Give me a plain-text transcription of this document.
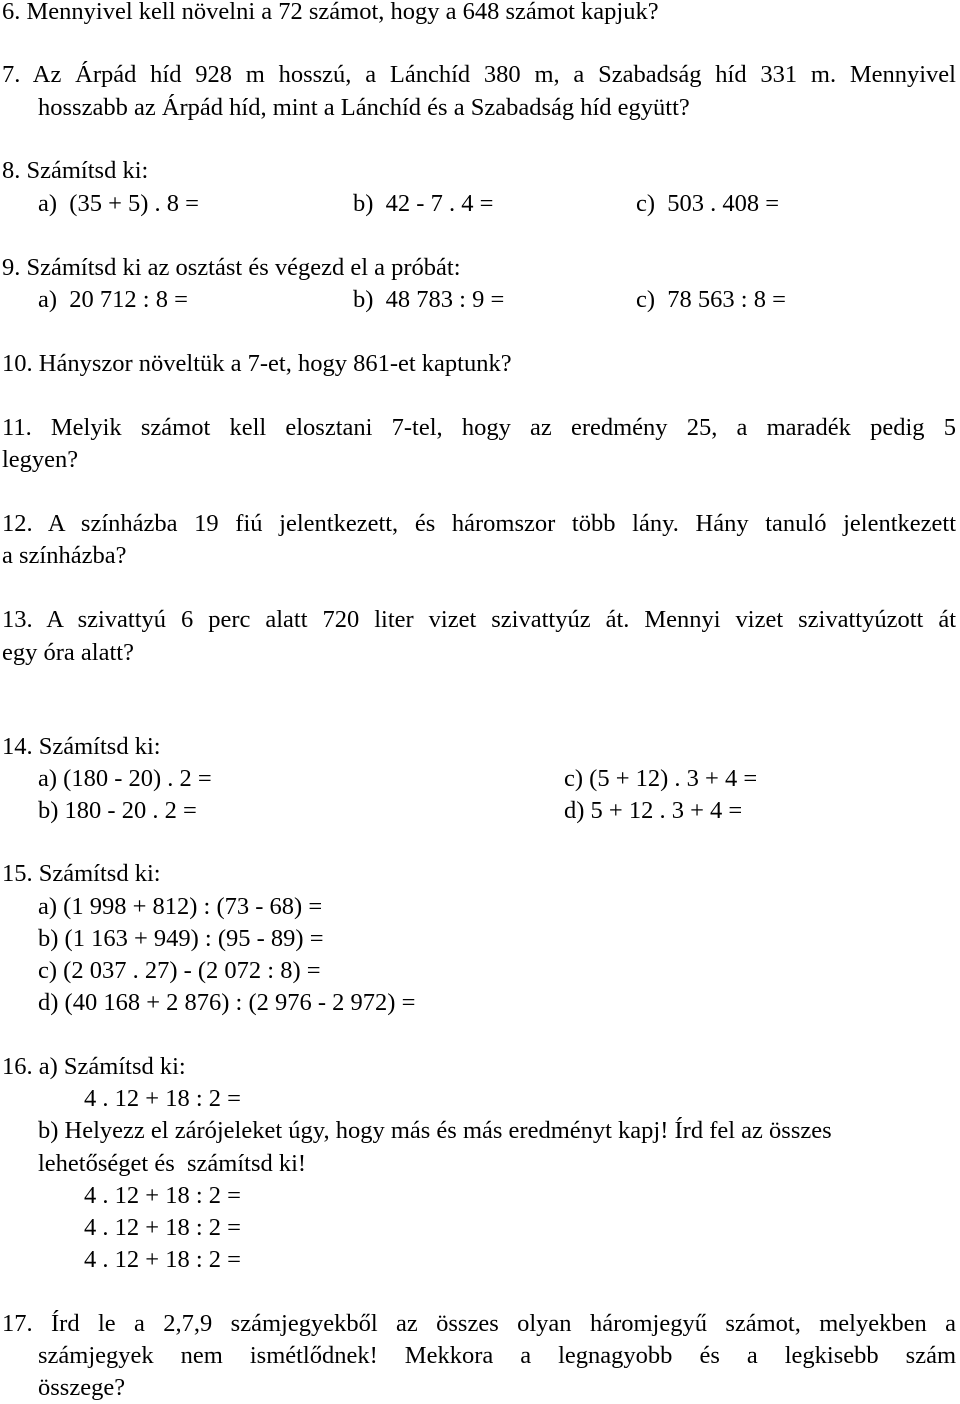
6. Mennyivel kell növelni a 72 számot, hogy a 648 számot kapjuk?
7. Az Árpád híd 928 m hosszú, a Lánchíd 380 m, a Szabadság híd 331 m. Mennyivel
hosszabb az Árpád híd, mint a Lánchíd és a Szabadság híd együtt?
8. Számítsd ki:
a)  (35 + 5) . 8 =	b)  42 - 7 . 4 =	c)  503 . 408 =
9. Számítsd ki az osztást és végezd el a próbát:
a)  20 712 : 8 =	b)  48 783 : 9 =	c)  78 563 : 8 =
10. Hányszor növeltük a 7-et, hogy 861-et kaptunk?
11. Melyik számot kell elosztani 7-tel, hogy az eredmény 25, a maradék pedig 5
legyen?
12. A színházba 19 fiú jelentkezett, és háromszor több lány. Hány tanuló jelentkezett
a színházba?
13. A szivattyú 6 perc alatt 720 liter vizet szivattyúz át. Mennyi vizet szivattyúzott át
egy óra alatt?
14. Számítsd ki:
a) (180 - 20) . 2 =	c) (5 + 12) . 3 + 4 =
b) 180 - 20 . 2 =	d) 5 + 12 . 3 + 4 =
15. Számítsd ki:
a) (1 998 + 812) : (73 - 68) =
b) (1 163 + 949) : (95 - 89) =
c) (2 037 . 27) - (2 072 : 8) =
d) (40 168 + 2 876) : (2 976 - 2 972) =
16. a) Számítsd ki:
4 . 12 + 18 : 2 =
b) Helyezz el zárójeleket úgy, hogy más és más eredményt kapj! Írd fel az összes
lehetőséget és  számítsd ki!
4 . 12 + 18 : 2 =
4 . 12 + 18 : 2 =
4 . 12 + 18 : 2 =
17. Írd le a 2,7,9 számjegyekből az összes olyan háromjegyű számot, melyekben a
számjegyek nem ismétlődnek! Mekkora a legnagyobb és a legkisebb szám
összege?
